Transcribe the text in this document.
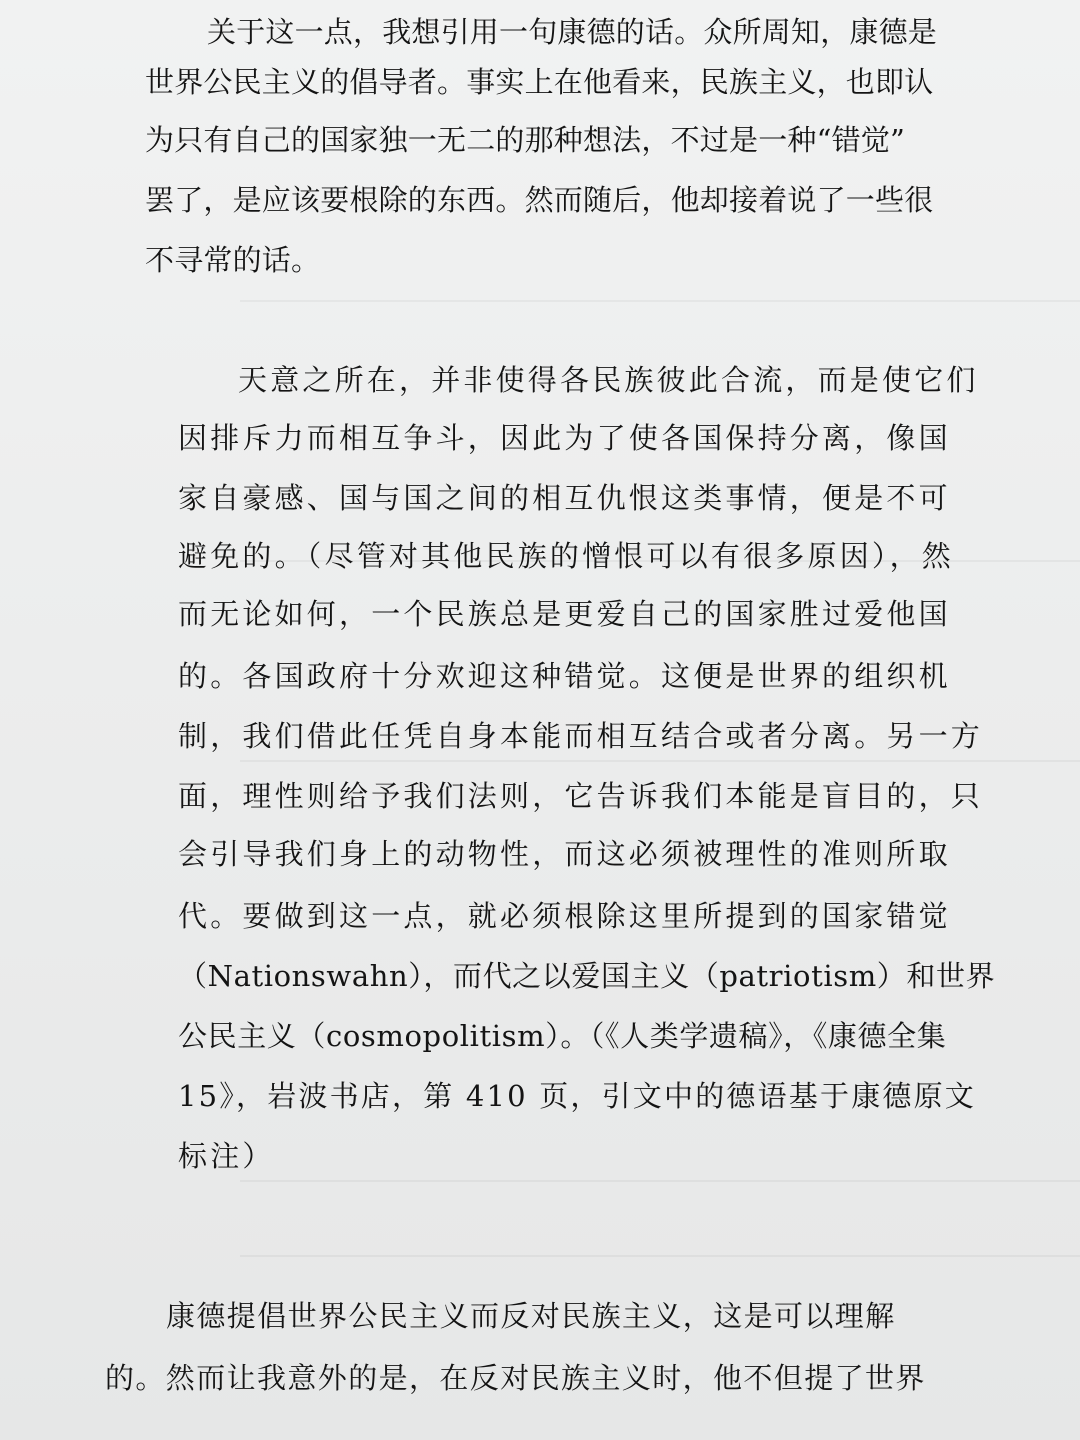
关于这一点，我想引用一句康德的话。众所周知，康德是
世界公民主义的倡导者。事实上在他看来，民族主义，也即认
为只有自己的国家独一无二的那种想法，不过是一种“错觉”
罢了，是应该要根除的东西。然而随后，他却接着说了一些很
不寻常的话。
天意之所在，并非使得各民族彼此合流，而是使它们
因排斥力而相互争斗，因此为了使各国保持分离，像国
家自豪感、国与国之间的相互仇恨这类事情，便是不可
避免的。（尽管对其他民族的憎恨可以有很多原因），然
而无论如何，一个民族总是更爱自己的国家胜过爱他国
的。各国政府十分欢迎这种错觉。这便是世界的组织机
制，我们借此任凭自身本能而相互结合或者分离。另一方
面，理性则给予我们法则，它告诉我们本能是盲目的，只
会引导我们身上的动物性，而这必须被理性的准则所取
代。要做到这一点，就必须根除这里所提到的国家错觉
（Nationswahn），而代之以爱国主义（patriotism）和世界
公民主义（cosmopolitism）。（《人类学遗稿》，《康德全集
15》，岩波书店，第 410 页，引文中的德语基于康德原文
标注）
康德提倡世界公民主义而反对民族主义，这是可以理解
的。然而让我意外的是，在反对民族主义时，他不但提了世界
